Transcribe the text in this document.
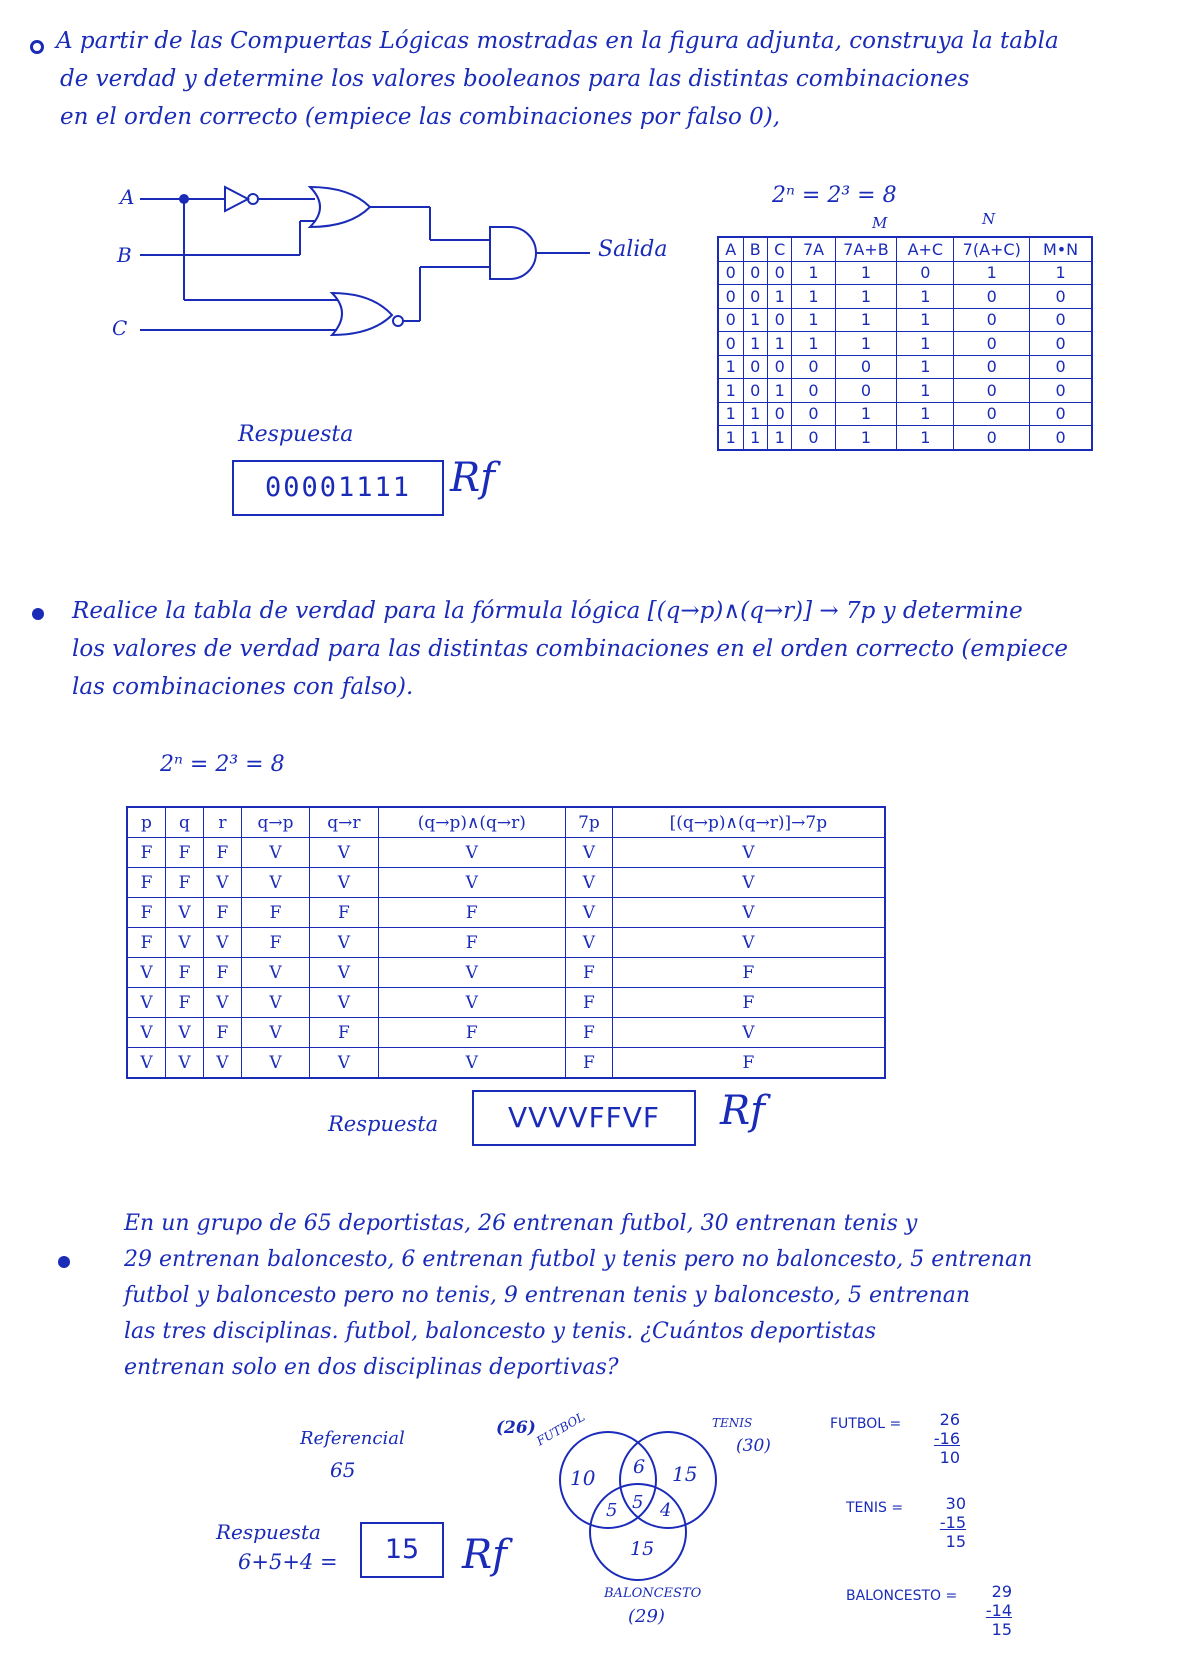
A partir de las Compuertas Lógicas mostradas en la figura adjunta, construya la tabla
de verdad y determine los valores booleanos para las distintas combinaciones
en el orden correcto (empiece las combinaciones por falso 0),
A
B
C
Salida
2ⁿ = 2³ = 8
M	N
A	B	C	7A	7A+B	A+C	7(A+C)	M•N
0	0	0	1	1	0	1	1
0	0	1	1	1	1	0	0
0	1	0	1	1	1	0	0
0	1	1	1	1	1	0	0
1	0	0	0	0	1	0	0
1	0	1	0	0	1	0	0
1	1	0	0	1	1	0	0
1	1	1	0	1	1	0	0
Respuesta
00001111 Rf
Realice la tabla de verdad para la fórmula lógica [(q→p)∧(q→r)] → 7p y determine
los valores de verdad para las distintas combinaciones en el orden correcto (empiece
las combinaciones con falso).
2ⁿ = 2³ = 8
p	q	r	q→p	q→r	(q→p)∧(q→r)	7p	[(q→p)∧(q→r)]→7p
F	F	F	V	V	V	V	V
F	F	V	V	V	V	V	V
F	V	F	F	F	F	V	V
F	V	V	F	V	F	V	V
V	F	F	V	V	V	F	F
V	F	V	V	V	V	F	F
V	V	F	V	F	F	F	V
V	V	V	V	V	V	F	F
Respuesta	VVVVFFVF	Rf
En un grupo de 65 deportistas, 26 entrenan futbol, 30 entrenan tenis y
29 entrenan baloncesto, 6 entrenan futbol y tenis pero no baloncesto, 5 entrenan
futbol y baloncesto pero no tenis, 9 entrenan tenis y baloncesto, 5 entrenan
las tres disciplinas. futbol, baloncesto y tenis. ¿Cuántos deportistas
entrenan solo en dos disciplinas deportivas?
Referencial
65
(26)
FUTBOL	TENIS
(30)
10 6 15
5 5 4
15
BALONCESTO
(29)
FUTBOL =	26
-16
10
TENIS =	30
-15
15
BALONCESTO =	29
-14
15
Respuesta
6+5+4 =	15	Rf
